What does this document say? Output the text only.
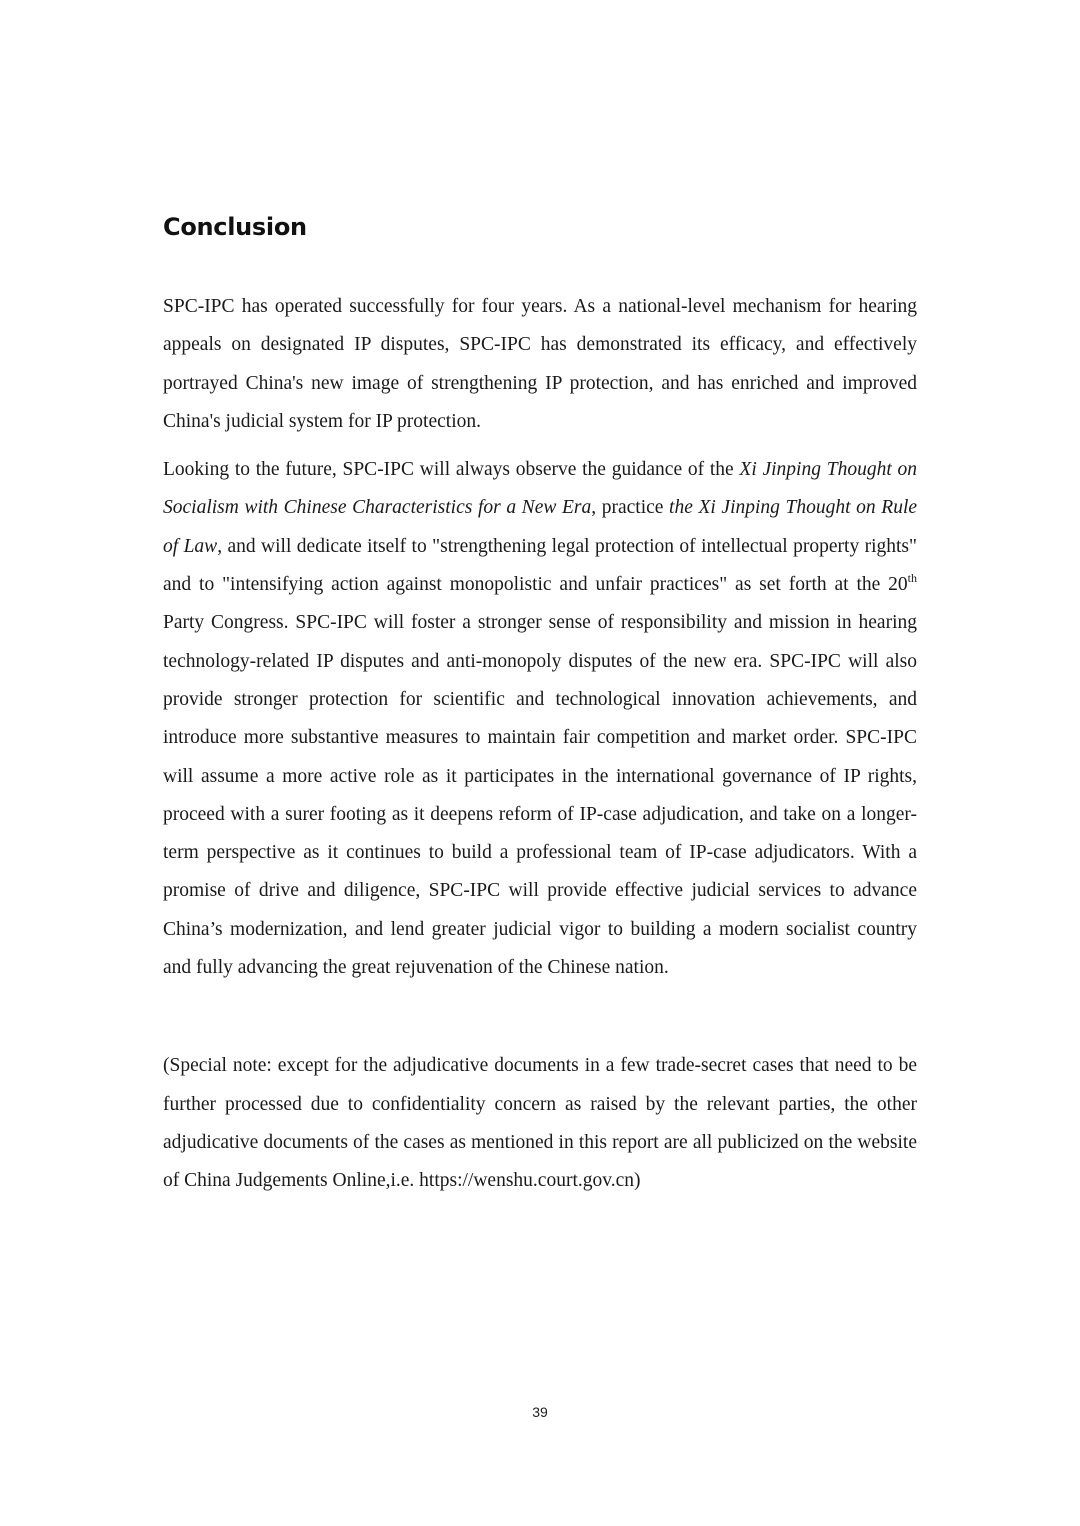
Conclusion

SPC-IPC has operated successfully for four years. As a national-level mechanism for hearing appeals on designated IP disputes, SPC-IPC has demonstrated its efficacy, and effectively portrayed China's new image of strengthening IP protection, and has enriched and improved China's judicial system for IP protection.

Looking to the future, SPC-IPC will always observe the guidance of the Xi Jinping Thought on Socialism with Chinese Characteristics for a New Era, practice the Xi Jinping Thought on Rule of Law, and will dedicate itself to "strengthening legal protection of intellectual property rights" and to "intensifying action against monopolistic and unfair practices" as set forth at the 20th Party Congress. SPC-IPC will foster a stronger sense of responsibility and mission in hearing technology-related IP disputes and anti-monopoly disputes of the new era. SPC-IPC will also provide stronger protection for scientific and technological innovation achievements, and introduce more substantive measures to maintain fair competition and market order. SPC-IPC will assume a more active role as it participates in the international governance of IP rights, proceed with a surer footing as it deepens reform of IP-case adjudication, and take on a longer-term perspective as it continues to build a professional team of IP-case adjudicators. With a promise of drive and diligence, SPC-IPC will provide effective judicial services to advance China’s modernization, and lend greater judicial vigor to building a modern socialist country and fully advancing the great rejuvenation of the Chinese nation.

(Special note: except for the adjudicative documents in a few trade-secret cases that need to be further processed due to confidentiality concern as raised by the relevant parties, the other adjudicative documents of the cases as mentioned in this report are all publicized on the website of China Judgements Online,i.e. https://wenshu.court.gov.cn)

39
